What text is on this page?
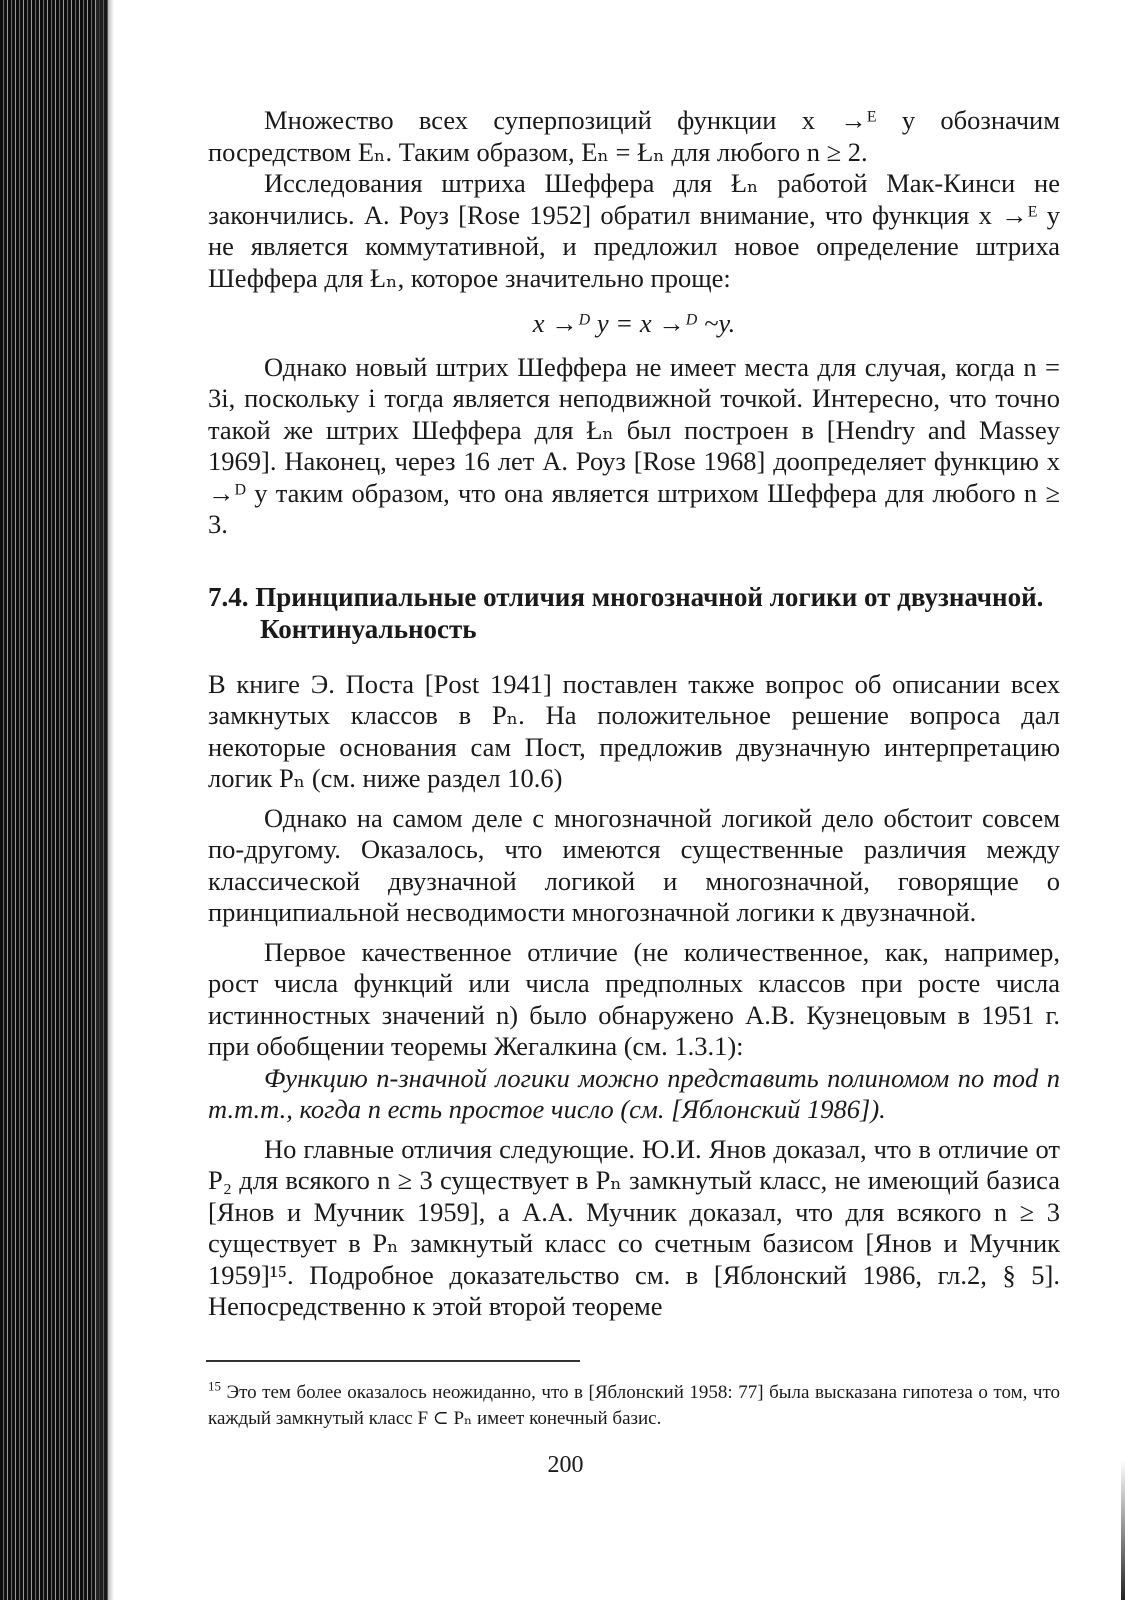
Множество всех суперпозиций функции x →ᴱ y обозначим посредством Eₙ. Таким образом, Eₙ = Łₙ для любого n ≥ 2.

Исследования штриха Шеффера для Łₙ работой Мак-Кинси не закончились. А. Роуз [Rose 1952] обратил внимание, что функция x →ᴱ y не является коммутативной, и предложил новое определение штриха Шеффера для Łₙ, которое значительно проще:

x →ᴰ y = x →ᴰ ~y.

Однако новый штрих Шеффера не имеет места для случая, когда n = 3i, поскольку i тогда является неподвижной точкой. Интересно, что точно такой же штрих Шеффера для Łₙ был построен в [Hendry and Massey 1969]. Наконец, через 16 лет А. Роуз [Rose 1968] доопределяет функцию x →ᴰ y таким образом, что она является штрихом Шеффера для любого n ≥ 3.

7.4. Принципиальные отличия многозначной логики от двузначной. Континуальность

В книге Э. Поста [Post 1941] поставлен также вопрос об описании всех замкнутых классов в Pₙ. На положительное решение вопроса дал некоторые основания сам Пост, предложив двузначную интерпретацию логик Pₙ (см. ниже раздел 10.6)

Однако на самом деле с многозначной логикой дело обстоит совсем по-другому. Оказалось, что имеются существенные различия между классической двузначной логикой и многозначной, говорящие о принципиальной несводимости многозначной логики к двузначной.

Первое качественное отличие (не количественное, как, например, рост числа функций или числа предполных классов при росте числа истинностных значений n) было обнаружено А.В. Кузнецовым в 1951 г. при обобщении теоремы Жегалкина (см. 1.3.1):

Функцию n-значной логики можно представить полиномом по mod n т.т.т., когда n есть простое число (см. [Яблонский 1986]).

Но главные отличия следующие. Ю.И. Янов доказал, что в отличие от P₂ для всякого n ≥ 3 существует в Pₙ замкнутый класс, не имеющий базиса [Янов и Мучник 1959], а А.А. Мучник доказал, что для всякого n ≥ 3 существует в Pₙ замкнутый класс со счетным базисом [Янов и Мучник 1959]¹⁵. Подробное доказательство см. в [Яблонский 1986, гл.2, § 5]. Непосредственно к этой второй теореме

$^{15}$ Это тем более оказалось неожиданно, что в [Яблонский 1958: 77] была высказана гипотеза о том, что каждый замкнутый класс F ⊂ Pₙ имеет конечный базис.
200
